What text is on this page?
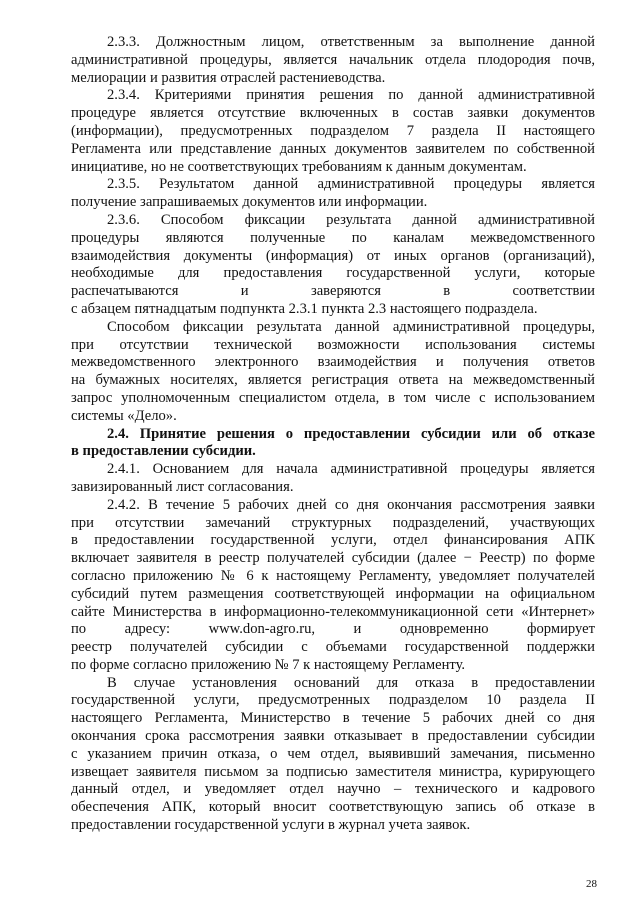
2.3.3. Должностным лицом, ответственным за выполнение данной
административной процедуры, является начальник отдела плодородия почв,
мелиорации и развития отраслей растениеводства.
2.3.4. Критериями принятия решения по данной административной
процедуре является отсутствие включенных в состав заявки документов
(информации), предусмотренных подразделом 7 раздела II настоящего
Регламента или представление данных документов заявителем по собственной
инициативе, но не соответствующих требованиям к данным документам.
2.3.5. Результатом данной административной процедуры является
получение запрашиваемых документов или информации.
2.3.6. Способом фиксации результата данной административной
процедуры являются полученные по каналам межведомственного
взаимодействия документы (информация) от иных органов (организаций),
необходимые для предоставления государственной услуги, которые
распечатываются и заверяются в соответствии
с абзацем пятнадцатым подпункта 2.3.1 пункта 2.3 настоящего подраздела.
Способом фиксации результата данной административной процедуры,
при отсутствии технической возможности использования системы
межведомственного электронного взаимодействия и получения ответов
на бумажных носителях, является регистрация ответа на межведомственный
запрос уполномоченным специалистом отдела, в том числе с использованием
системы «Дело».
2.4. Принятие решения о предоставлении субсидии или об отказе
в предоставлении субсидии.
2.4.1. Основанием для начала административной процедуры является
завизированный лист согласования.
2.4.2. В течение 5 рабочих дней со дня окончания рассмотрения заявки
при отсутствии замечаний структурных подразделений, участвующих
в предоставлении государственной услуги, отдел финансирования АПК
включает заявителя в реестр получателей субсидии (далее − Реестр) по форме
согласно приложению № 6 к настоящему Регламенту, уведомляет получателей
субсидий путем размещения соответствующей информации на официальном
сайте Министерства в информационно-телекоммуникационной сети «Интернет»
по адресу: www.don-agro.ru, и одновременно формирует
реестр получателей субсидии с объемами государственной поддержки
по форме согласно приложению № 7 к настоящему Регламенту.
В случае установления оснований для отказа в предоставлении
государственной услуги, предусмотренных подразделом 10 раздела II
настоящего Регламента, Министерство в течение 5 рабочих дней со дня
окончания срока рассмотрения заявки отказывает в предоставлении субсидии
с указанием причин отказа, о чем отдел, выявивший замечания, письменно
извещает заявителя письмом за подписью заместителя министра, курирующего
данный отдел, и уведомляет отдел научно – технического и кадрового
обеспечения АПК, который вносит соответствующую запись об отказе в
предоставлении государственной услуги в журнал учета заявок.
28
